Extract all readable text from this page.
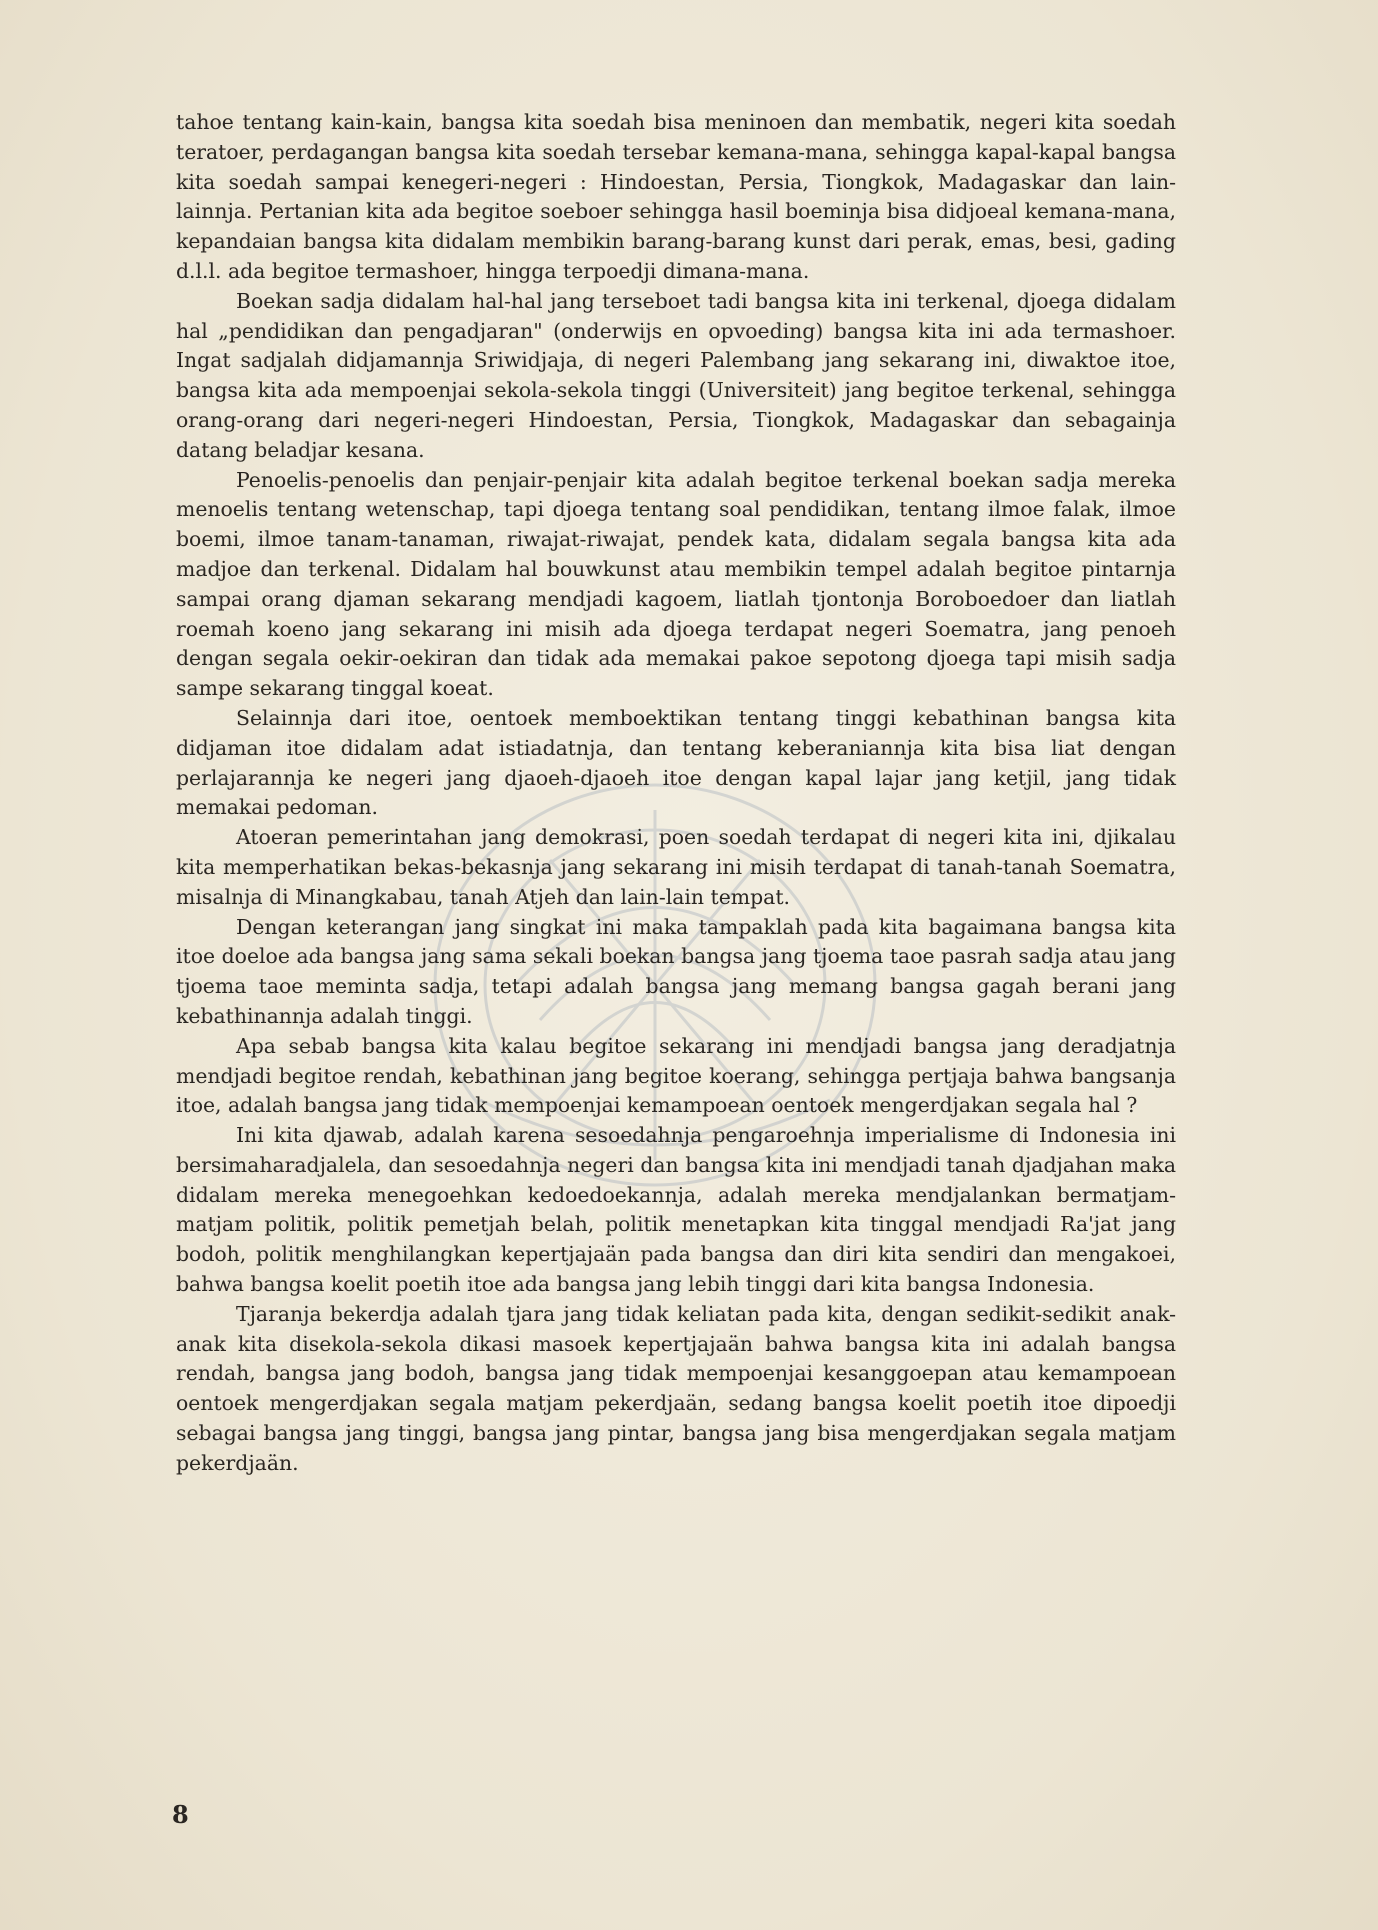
tahoe tentang kain-kain, bangsa kita soedah bisa meninoen dan membatik, negeri kita soedah teratoer, perdagangan bangsa kita soedah tersebar kemana-mana, sehingga kapal-kapal bangsa kita soedah sampai kenegeri-negeri : Hindoestan, Persia, Tiongkok, Madagaskar dan lain-lainnja. Pertanian kita ada begitoe soeboer sehingga hasil boeminja bisa didjoeal kemana-mana, kepandaian bangsa kita didalam membikin barang-barang kunst dari perak, emas, besi, gading d.l.l. ada begitoe termashoer, hingga terpoedji dimana-mana.

Boekan sadja didalam hal-hal jang terseboet tadi bangsa kita ini terkenal, djoega didalam hal „pendidikan dan pengadjaran" (onderwijs en opvoeding) bangsa kita ini ada termashoer. Ingat sadjalah didjamannja Sriwidjaja, di negeri Palembang jang sekarang ini, diwaktoe itoe, bangsa kita ada mempoenjai sekola-sekola tinggi (Universiteit) jang begitoe terkenal, sehingga orang-orang dari negeri-negeri Hindoestan, Persia, Tiongkok, Madagaskar dan sebagainja datang beladjar kesana.

Penoelis-penoelis dan penjair-penjair kita adalah begitoe terkenal boekan sadja mereka menoelis tentang wetenschap, tapi djoega tentang soal pendidikan, tentang ilmoe falak, ilmoe boemi, ilmoe tanam-tanaman, riwajat-riwajat, pendek kata, didalam segala bangsa kita ada madjoe dan terkenal. Didalam hal bouwkunst atau membikin tempel adalah begitoe pintarnja sampai orang djaman sekarang mendjadi kagoem, liatlah tjontonja Boroboedoer dan liatlah roemah koeno jang sekarang ini misih ada djoega terdapat negeri Soematra, jang penoeh dengan segala oekir-oekiran dan tidak ada memakai pakoe sepotong djoega tapi misih sadja sampe sekarang tinggal koeat.

Selainnja dari itoe, oentoek memboektikan tentang tinggi kebathinan bangsa kita didjaman itoe didalam adat istiadatnja, dan tentang keberaniannja kita bisa liat dengan perlajarannja ke negeri jang djaoeh-djaoeh itoe dengan kapal lajar jang ketjil, jang tidak memakai pedoman.

Atoeran pemerintahan jang demokrasi, poen soedah terdapat di negeri kita ini, djikalau kita memperhatikan bekas-bekasnja jang sekarang ini misih terdapat di tanah-tanah Soematra, misalnja di Minangkabau, tanah Atjeh dan lain-lain tempat.

Dengan keterangan jang singkat ini maka tampaklah pada kita bagaimana bangsa kita itoe doeloe ada bangsa jang sama sekali boekan bangsa jang tjoema taoe pasrah sadja atau jang tjoema taoe meminta sadja, tetapi adalah bangsa jang memang bangsa gagah berani jang kebathinannja adalah tinggi.

Apa sebab bangsa kita kalau begitoe sekarang ini mendjadi bangsa jang deradjatnja mendjadi begitoe rendah, kebathinan jang begitoe koerang, sehingga pertjaja bahwa bangsanja itoe, adalah bangsa jang tidak mempoenjai kemampoean oentoek mengerdjakan segala hal ?

Ini kita djawab, adalah karena sesoedahnja pengaroehnja imperialisme di Indonesia ini bersimaharadjalela, dan sesoedahnja negeri dan bangsa kita ini mendjadi tanah djadjahan maka didalam mereka menegoehkan kedoedoekannja, adalah mereka mendjalankan bermatjam-matjam politik, politik pemetjah belah, politik menetapkan kita tinggal mendjadi Ra'jat jang bodoh, politik menghilangkan kepertjajaän pada bangsa dan diri kita sendiri dan mengakoei, bahwa bangsa koelit poetih itoe ada bangsa jang lebih tinggi dari kita bangsa Indonesia.

Tjaranja bekerdja adalah tjara jang tidak keliatan pada kita, dengan sedikit-sedikit anak-anak kita disekola-sekola dikasi masoek kepertjajaän bahwa bangsa kita ini adalah bangsa rendah, bangsa jang bodoh, bangsa jang tidak mempoenjai kesanggoepan atau kemampoean oentoek mengerdjakan segala matjam pekerdjaän, sedang bangsa koelit poetih itoe dipoedji sebagai bangsa jang tinggi, bangsa jang pintar, bangsa jang bisa mengerdjakan segala matjam pekerdjaän.

8
